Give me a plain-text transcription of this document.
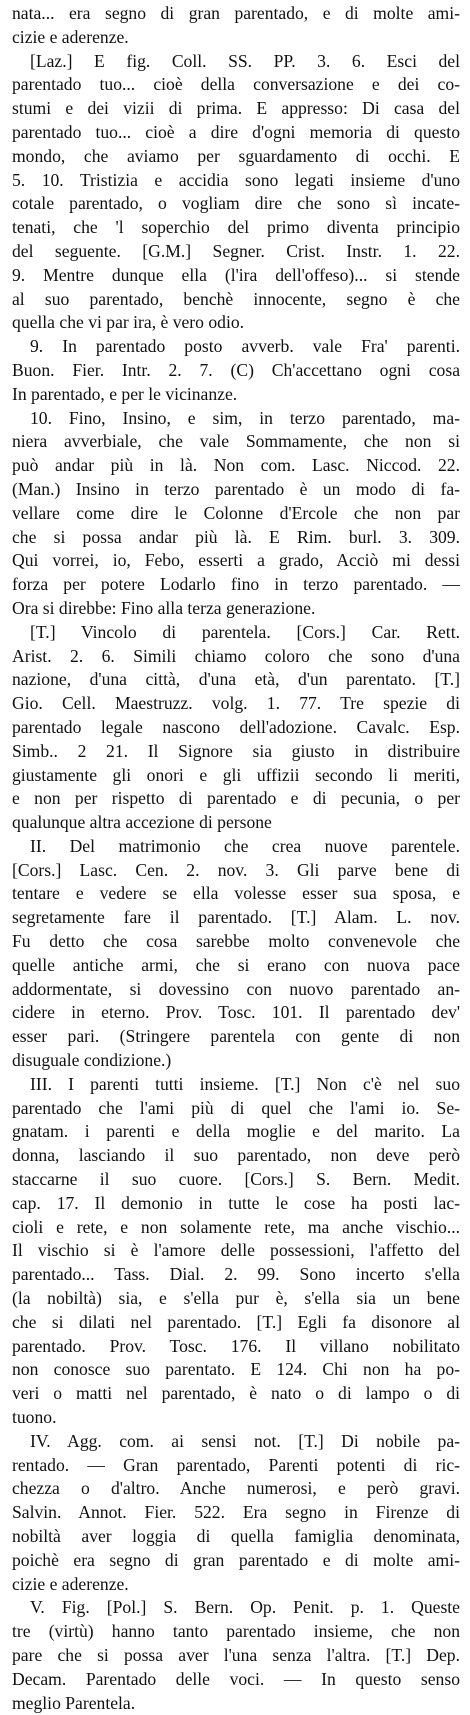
nata... era segno di gran parentado, e di molte ami-
cizie e aderenze.
[Laz.] E fig. Coll. SS. PP. 3. 6. Esci del
parentado tuo... cioè della conversazione e dei co-
stumi e dei vizii di prima. E appresso: Di casa del
parentado tuo... cioè a dire d'ogni memoria di questo
mondo, che aviamo per sguardamento di occhi. E
5. 10. Tristizia e accidia sono legati insieme d'uno
cotale parentado, o vogliam dire che sono sì incate-
tenati, che 'l soperchio del primo diventa principio
del seguente. [G.M.] Segner. Crist. Instr. 1. 22.
9. Mentre dunque ella (l'ira dell'offeso)... si stende
al suo parentado, benchè innocente, segno è che
quella che vi par ira, è vero odio.
9. In parentado posto avverb. vale Fra' parenti.
Buon. Fier. Intr. 2. 7. (C) Ch'accettano ogni cosa
In parentado, e per le vicinanze.
10. Fino, Insino, e sim, in terzo parentado, ma-
niera avverbiale, che vale Sommamente, che non si
può andar più in là. Non com. Lasc. Niccod. 22.
(Man.) Insino in terzo parentado è un modo di fa-
vellare come dire le Colonne d'Ercole che non par
che si possa andar più là. E Rim. burl. 3. 309.
Qui vorrei, io, Febo, esserti a grado, Acciò mi dessi
forza per potere Lodarlo fino in terzo parentado. —
Ora si direbbe: Fino alla terza generazione.
[T.] Vincolo di parentela. [Cors.] Car. Rett.
Arist. 2. 6. Simili chiamo coloro che sono d'una
nazione, d'una città, d'una età, d'un parentato. [T.]
Gio. Cell. Maestruzz. volg. 1. 77. Tre spezie di
parentado legale nascono dell'adozione. Cavalc. Esp.
Simb.. 2 21. Il Signore sia giusto in distribuire
giustamente gli onori e gli uffizii secondo li meriti,
e non per rispetto di parentado e di pecunia, o per
qualunque altra accezione di persone
II. Del matrimonio che crea nuove parentele.
[Cors.] Lasc. Cen. 2. nov. 3. Gli parve bene di
tentare e vedere se ella volesse esser sua sposa, e
segretamente fare il parentado. [T.] Alam. L. nov.
Fu detto che cosa sarebbe molto convenevole che
quelle antiche armi, che si erano con nuova pace
addormentate, si dovessino con nuovo parentado an-
cidere in eterno. Prov. Tosc. 101. Il parentado dev'
esser pari. (Stringere parentela con gente di non
disuguale condizione.)
III. I parenti tutti insieme. [T.] Non c'è nel suo
parentado che l'ami più di quel che l'ami io. Se-
gnatam. i parenti e della moglie e del marito. La
donna, lasciando il suo parentado, non deve però
staccarne il suo cuore. [Cors.] S. Bern. Medit.
cap. 17. Il demonio in tutte le cose ha posti lac-
cioli e rete, e non solamente rete, ma anche vischio...
Il vischio si è l'amore delle possessioni, l'affetto del
parentado... Tass. Dial. 2. 99. Sono incerto s'ella
(la nobiltà) sia, e s'ella pur è, s'ella sia un bene
che si dilati nel parentado. [T.] Egli fa disonore al
parentado. Prov. Tosc. 176. Il villano nobilitato
non conosce suo parentato. E 124. Chi non ha po-
veri o matti nel parentado, è nato o di lampo o di
tuono.
IV. Agg. com. ai sensi not. [T.] Di nobile pa-
rentado. — Gran parentado, Parenti potenti di ric-
chezza o d'altro. Anche numerosi, e però gravi.
Salvin. Annot. Fier. 522. Era segno in Firenze di
nobiltà aver loggia di quella famiglia denominata,
poichè era segno di gran parentado e di molte ami-
cizie e aderenze.
V. Fig. [Pol.] S. Bern. Op. Penit. p. 1. Queste
tre (virtù) hanno tanto parentado insieme, che non
pare che si possa aver l'una senza l'altra. [T.] Dep.
Decam. Parentado delle voci. — In questo senso
meglio Parentela.
